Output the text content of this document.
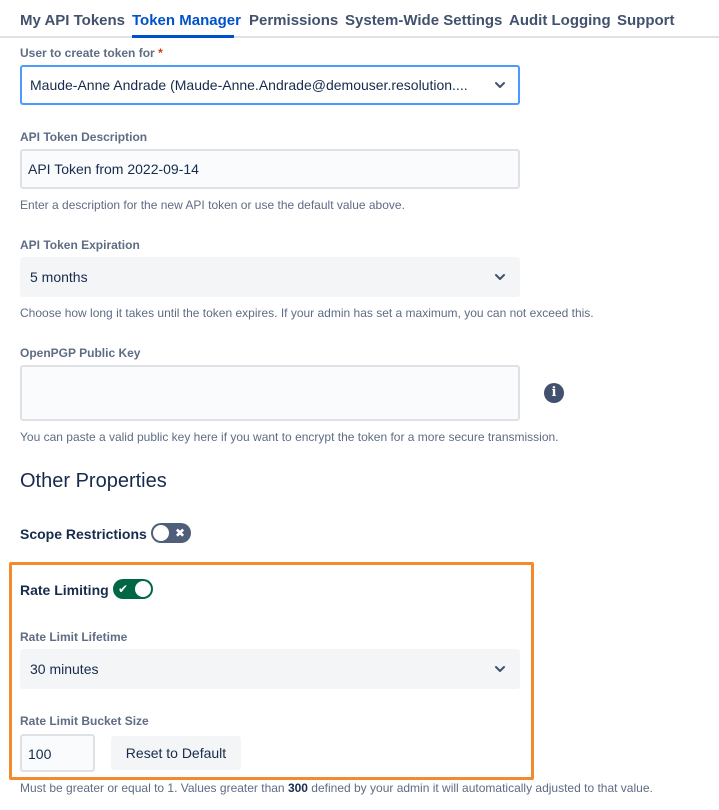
My API Tokens Token Manager Permissions System-Wide Settings Audit Logging Support
User to create token for *
Maude-Anne Andrade (Maude-Anne.Andrade@demouser.resolution....
API Token Description
API Token from 2022-09-14
Enter a description for the new API token or use the default value above.
API Token Expiration
5 months
Choose how long it takes until the token expires. If your admin has set a maximum, you can not exceed this.
OpenPGP Public Key
i
You can paste a valid public key here if you want to encrypt the token for a more secure transmission.
Other Properties
Scope Restrictions ✖
Rate Limiting ✔
Rate Limit Lifetime
30 minutes
Rate Limit Bucket Size
100	Reset to Default
Must be greater or equal to 1. Values greater than 300 defined by your admin it will automatically adjusted to that value.
